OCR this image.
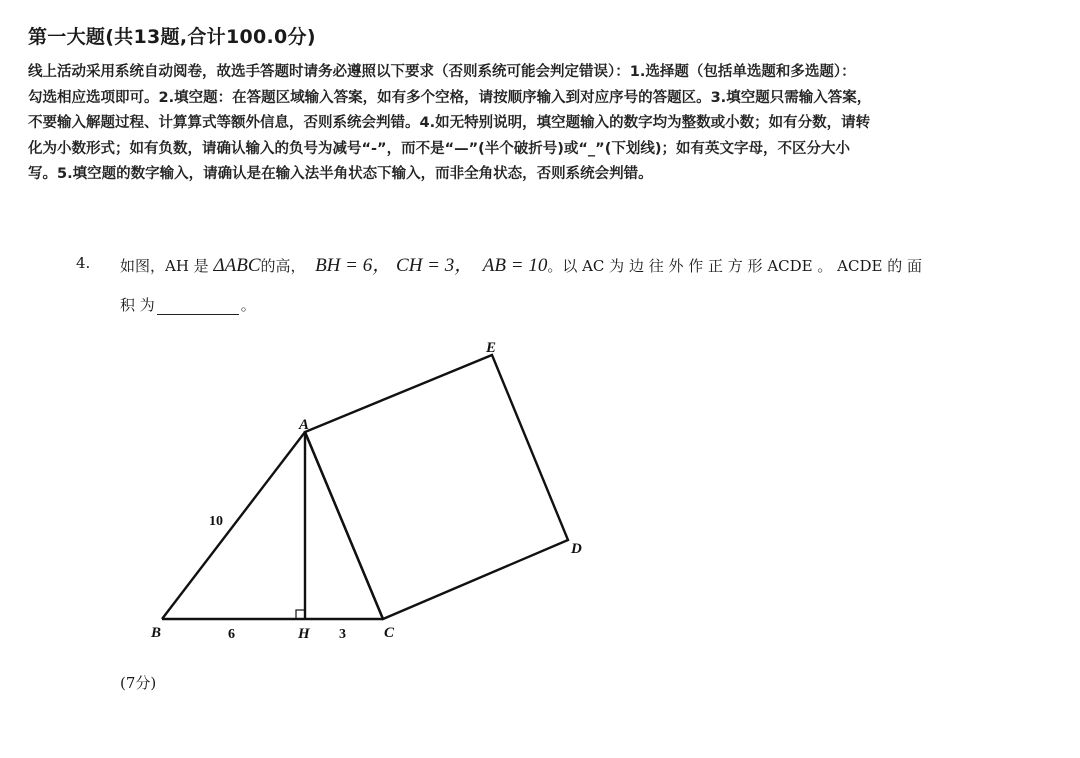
第一大题(共13题,合计100.0分)
线上活动采用系统自动阅卷，故选手答题时请务必遵照以下要求（否则系统可能会判定错误）：1.选择题（包括单选题和多选题）：
勾选相应选项即可。2.填空题：在答题区域输入答案，如有多个空格，请按顺序输入到对应序号的答题区。3.填空题只需输入答案，
不要输入解题过程、计算算式等额外信息，否则系统会判错。4.如无特别说明，填空题输入的数字均为整数或小数；如有分数，请转
化为小数形式；如有负数，请确认输入的负号为减号“-”，而不是“—”(半个破折号)或“_”(下划线)；如有英文字母，不区分大小
写。5.填空题的数字输入，请确认是在输入法半角状态下输入，而非全角状态，否则系统会判错。
4. 如图，AH 是 ΔABC的高， BH = 6， CH = 3， AB = 10。以 AC 为 边 往 外 作 正 方 形 ACDE 。 ACDE 的 面
积 为	。
A
B	H	C
D
E
10
6	3
(7分)
